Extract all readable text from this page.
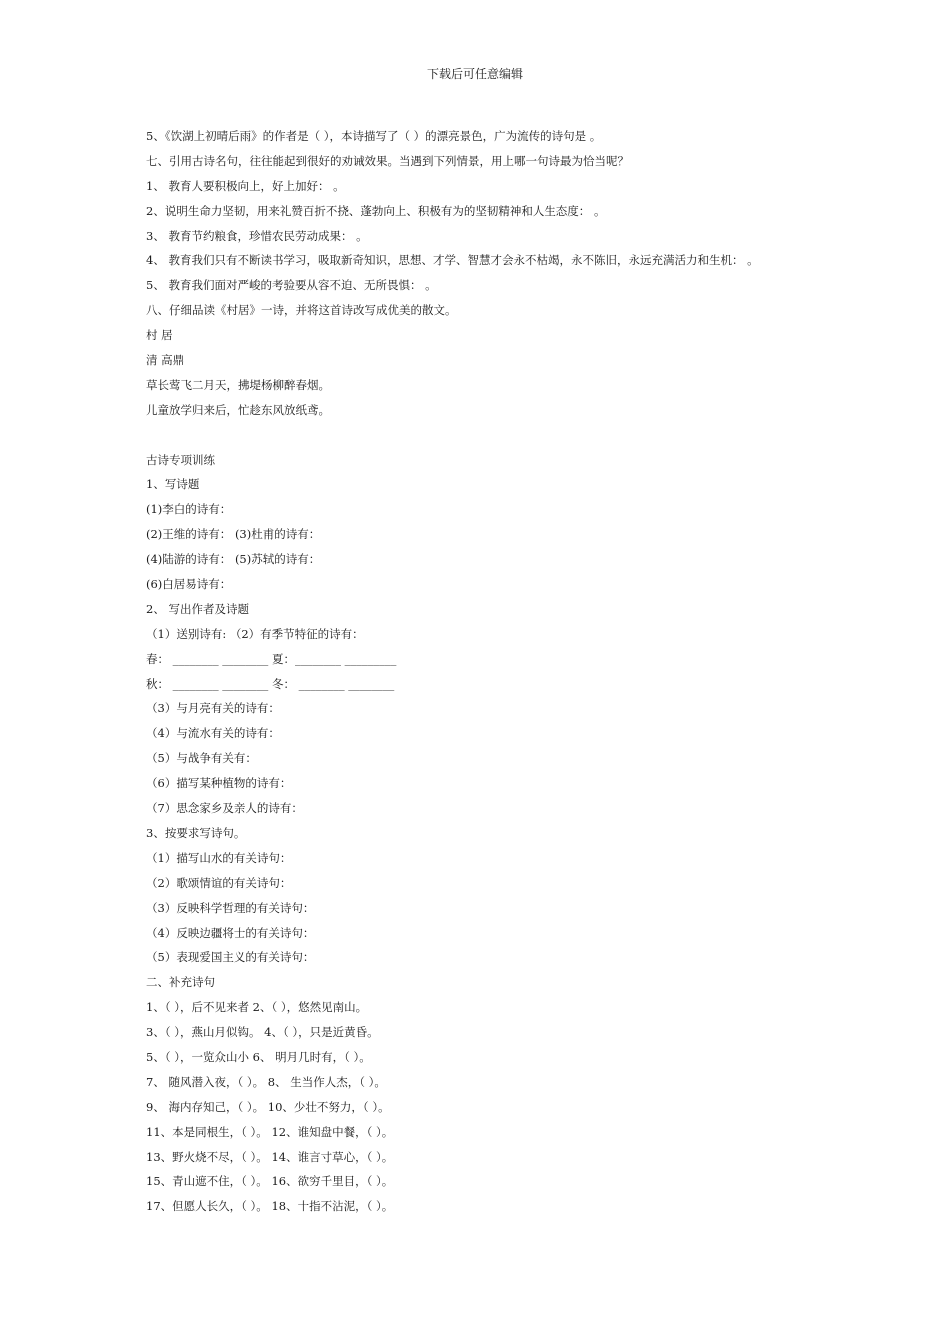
下载后可任意编辑
5、《饮湖上初晴后雨》的作者是（ ），本诗描写了（ ）的漂亮景色，广为流传的诗句是 。
七、引用古诗名句，往往能起到很好的劝诫效果。当遇到下列情景，用上哪一句诗最为恰当呢？
1、 教育人要积极向上，好上加好： 。
2、说明生命力坚韧，用来礼赞百折不挠、蓬勃向上、积极有为的坚韧精神和人生态度： 。
3、 教育节约粮食，珍惜农民劳动成果： 。
4、 教育我们只有不断读书学习，吸取新奇知识，思想、才学、智慧才会永不枯竭，永不陈旧，永远充满活力和生机： 。
5、 教育我们面对严峻的考验要从容不迫、无所畏惧： 。
八、仔细品读《村居》一诗，并将这首诗改写成优美的散文。
村 居
清 高鼎
草长莺飞二月天，拂堤杨柳醉春烟。
儿童放学归来后，忙趁东风放纸鸢。
古诗专项训练
1、写诗题
(1)李白的诗有：
(2)王维的诗有： (3)杜甫的诗有：
(4)陆游的诗有： (5)苏轼的诗有：
(6)白居易诗有：
2、 写出作者及诗题
（1）送别诗有: （2）有季节特征的诗有：
春： ________ ________ 夏：________ _________
秋： ________ ________ 冬： ________ ________
（3）与月亮有关的诗有：
（4）与流水有关的诗有：
（5）与战争有关有：
（6）描写某种植物的诗有：
（7）思念家乡及亲人的诗有：
3、按要求写诗句。
（1）描写山水的有关诗句：
（2）歌颂情谊的有关诗句：
（3）反映科学哲理的有关诗句：
（4）反映边疆将士的有关诗句：
（5）表现爱国主义的有关诗句：
二、补充诗句
1、（ ），后不见来者 2、（ ），悠然见南山。
3、（ ），燕山月似钩。 4、（ ），只是近黄昏。
5、（ ），一览众山小 6、 明月几时有，（ ）。
7、 随风潜入夜，（ ）。 8、 生当作人杰，（ ）。
9、 海内存知己，（ ）。 10、少壮不努力，（ ）。
11、本是同根生，（ ）。 12、谁知盘中餐，（ ）。
13、野火烧不尽，（ ）。 14、谁言寸草心，（ ）。
15、青山遮不住，（ ）。 16、欲穷千里目，（ ）。
17、但愿人长久，（ ）。 18、十指不沾泥，（ ）。
